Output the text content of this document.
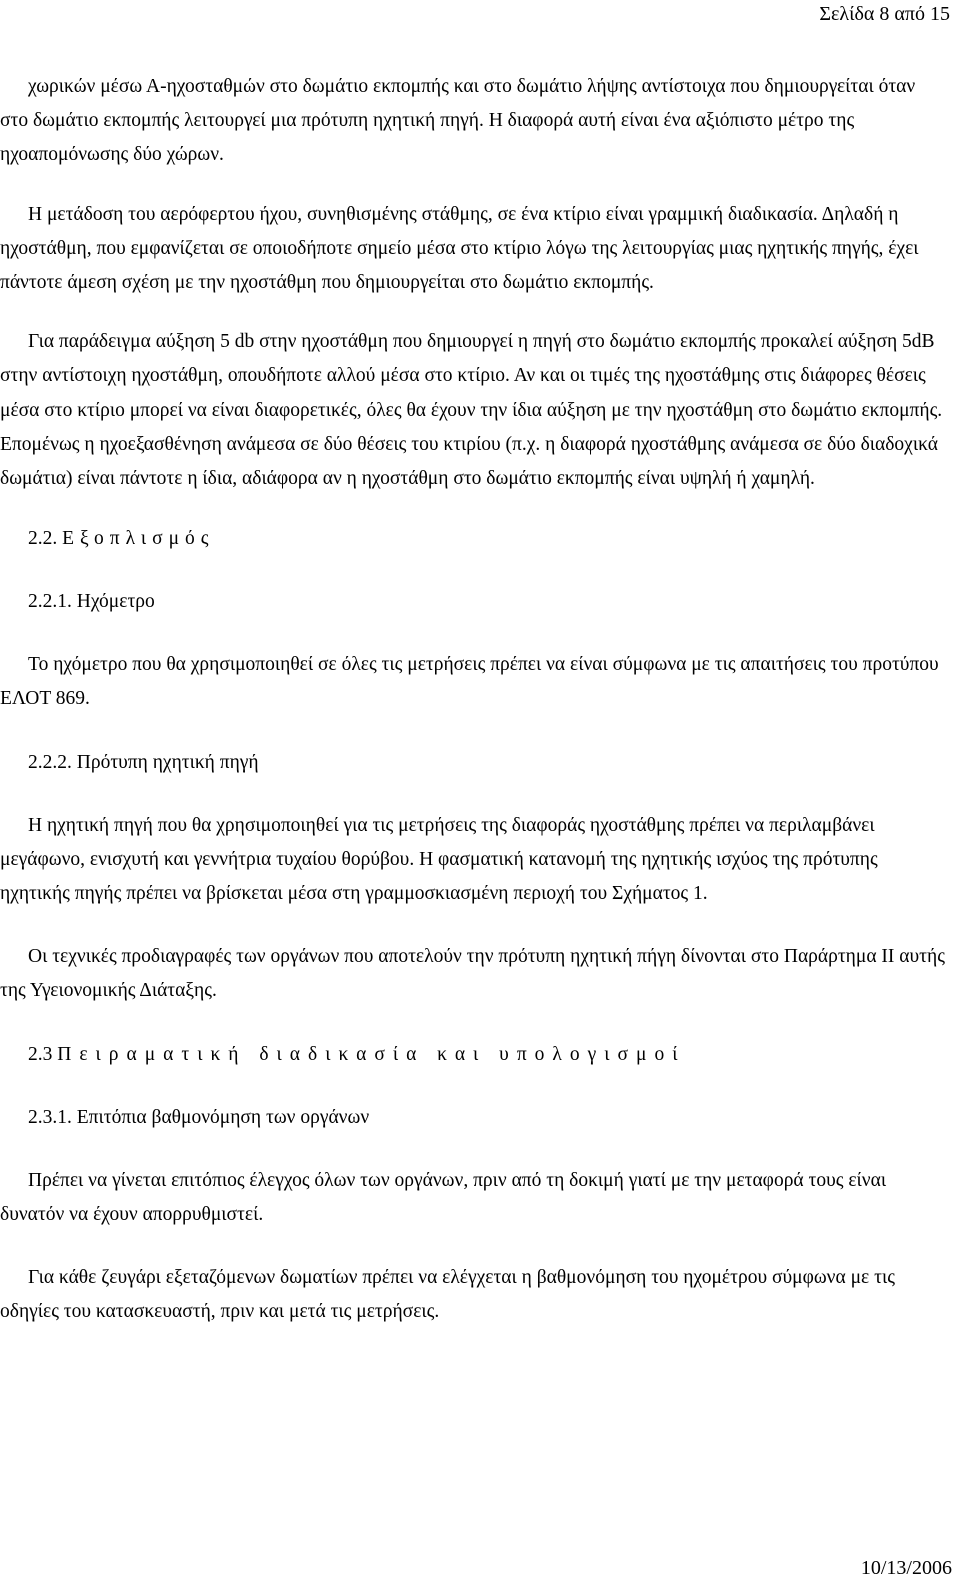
Σελίδα 8 από 15

χωρικών μέσω Α-ηχοσταθμών στο δωμάτιο εκπομπής και στο δωμάτιο λήψης αντίστοιχα που δημιουργείται όταν στο δωμάτιο εκπομπής λειτουργεί μια πρότυπη ηχητική πηγή. Η διαφορά αυτή είναι ένα αξιόπιστο μέτρο της ηχοαπομόνωσης δύο χώρων.

Η μετάδοση του αερόφερτου ήχου, συνηθισμένης στάθμης, σε ένα κτίριο είναι γραμμική διαδικασία. Δηλαδή η ηχοστάθμη, που εμφανίζεται σε οποιοδήποτε σημείο μέσα στο κτίριο λόγω της λειτουργίας μιας ηχητικής πηγής, έχει πάντοτε άμεση σχέση με την ηχοστάθμη που δημιουργείται στο δωμάτιο εκπομπής.

Για παράδειγμα αύξηση 5 db στην ηχοστάθμη που δημιουργεί η πηγή στο δωμάτιο εκπομπής προκαλεί αύξηση 5dB στην αντίστοιχη ηχοστάθμη, οπουδήποτε αλλού μέσα στο κτίριο. Αν και οι τιμές της ηχοστάθμης στις διάφορες θέσεις μέσα στο κτίριο μπορεί να είναι διαφορετικές, όλες θα έχουν την ίδια αύξηση με την ηχοστάθμη στο δωμάτιο εκπομπής. Επομένως η ηχοεξασθένηση ανάμεσα σε δύο θέσεις του κτιρίου (π.χ. η διαφορά ηχοστάθμης ανάμεσα σε δύο διαδοχικά δωμάτια) είναι πάντοτε η ίδια, αδιάφορα αν η ηχοστάθμη στο δωμάτιο εκπομπής είναι υψηλή ή χαμηλή.

2.2. Εξοπλισμός
2.2.1. Ηχόμετρο

Το ηχόμετρο που θα χρησιμοποιηθεί σε όλες τις μετρήσεις πρέπει να είναι σύμφωνα με τις απαιτήσεις του προτύπου ΕΛΟΤ 869.

2.2.2. Πρότυπη ηχητική πηγή

Η ηχητική πηγή που θα χρησιμοποιηθεί για τις μετρήσεις της διαφοράς ηχοστάθμης πρέπει να περιλαμβάνει μεγάφωνο, ενισχυτή και γεννήτρια τυχαίου θορύβου. Η φασματική κατανομή της ηχητικής ισχύος της πρότυπης ηχητικής πηγής πρέπει να βρίσκεται μέσα στη γραμμοσκιασμένη περιοχή του Σχήματος 1.

Οι τεχνικές προδιαγραφές των οργάνων που αποτελούν την πρότυπη ηχητική πήγη δίνονται στο Παράρτημα ΙΙ αυτής της Υγειονομικής Διάταξης.

2.3 Πειραματική διαδικασία και υπολογισμοί
2.3.1. Επιτόπια βαθμονόμηση των οργάνων

Πρέπει να γίνεται επιτόπιος έλεγχος όλων των οργάνων, πριν από τη δοκιμή γιατί με την μεταφορά τους είναι δυνατόν να έχουν απορρυθμιστεί.

Για κάθε ζευγάρι εξεταζόμενων δωματίων πρέπει να ελέγχεται η βαθμονόμηση του ηχομέτρου σύμφωνα με τις οδηγίες του κατασκευαστή, πριν και μετά τις μετρήσεις.

10/13/2006
